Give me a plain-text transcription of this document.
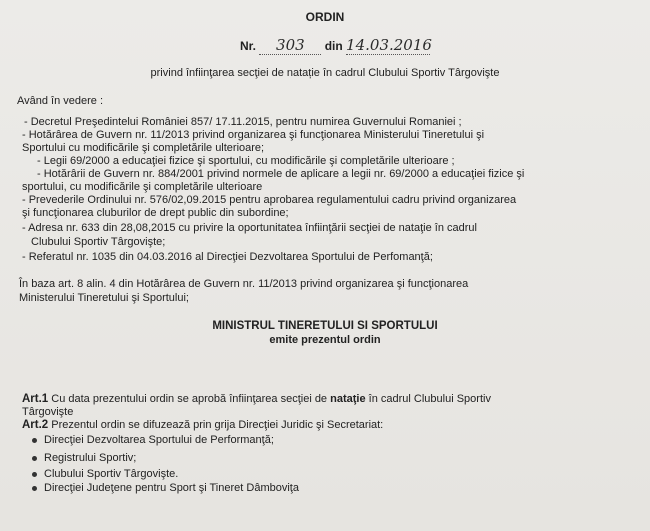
ORDIN
Nr. 303 din 14.03.2016
privind înfiinţarea secţiei de natație în cadrul Clubului Sportiv Târgovişte
Având în vedere :
- Decretul Preşedintelui României 857/ 17.11.2015, pentru numirea Guvernului Romaniei ;
- Hotărârea de Guvern nr. 11/2013 privind organizarea şi funcţionarea Ministerului Tineretului şi
Sportului cu modificările şi completările ulterioare;
- Legii 69/2000 a educaţiei fizice şi sportului, cu modificările şi completările ulterioare ;
- Hotărârii de Guvern nr. 884/2001 privind normele de aplicare a legii nr. 69/2000 a educaţiei fizice şi
sportului, cu modificările şi completările ulterioare
- Prevederile Ordinului nr. 576/02,09.2015 pentru aprobarea regulamentului cadru privind organizarea
şi funcţionarea cluburilor de drept public din subordine;
- Adresa nr. 633 din 28,08,2015 cu privire la oportunitatea înfiinţării secţiei de nataţie în cadrul
Clubului Sportiv Târgovişte;
- Referatul nr. 1035 din 04.03.2016 al Direcţiei Dezvoltarea Sportului de Perfomanţă;
În baza art. 8 alin. 4 din Hotărârea de Guvern nr. 11/2013 privind organizarea şi funcţionarea
Ministerului Tineretului şi Sportului;
MINISTRUL TINERETULUI SI SPORTULUI
emite prezentul ordin
Art.1 Cu data prezentului ordin se aprobă înfiinţarea secţiei de nataţie în cadrul Clubului Sportiv
Târgovişte
Art.2 Prezentul ordin se difuzează prin grija Direcţiei Juridic şi Secretariat:
Direcţiei Dezvoltarea Sportului de Performanţă;
Registrului Sportiv;
Clubului Sportiv Târgovişte.
Direcţiei Judeţene pentru Sport şi Tineret Dâmboviţa
